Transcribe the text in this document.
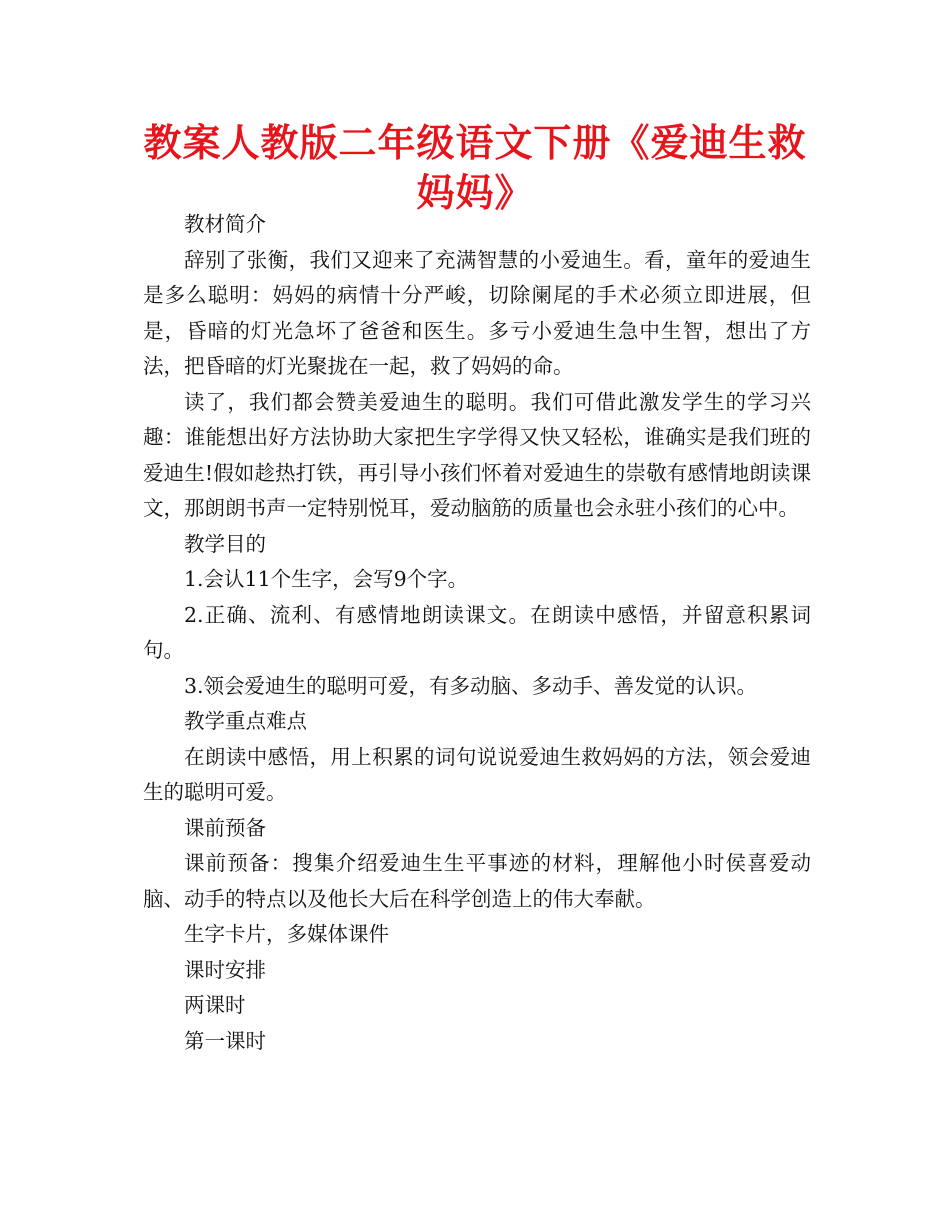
教案人教版二年级语文下册《爱迪生救妈妈》

教材简介

辞别了张衡，我们又迎来了充满智慧的小爱迪生。看，童年的爱迪生是多么聪明：妈妈的病情十分严峻，切除阑尾的手术必须立即进展，但是，昏暗的灯光急坏了爸爸和医生。多亏小爱迪生急中生智，想出了方法，把昏暗的灯光聚拢在一起，救了妈妈的命。

读了，我们都会赞美爱迪生的聪明。我们可借此激发学生的学习兴趣：谁能想出好方法协助大家把生字学得又快又轻松，谁确实是我们班的爱迪生!假如趁热打铁，再引导小孩们怀着对爱迪生的崇敬有感情地朗读课文，那朗朗书声一定特别悦耳，爱动脑筋的质量也会永驻小孩们的心中。

教学目的

1.会认11个生字，会写9个字。

2.正确、流利、有感情地朗读课文。在朗读中感悟，并留意积累词句。

3.领会爱迪生的聪明可爱，有多动脑、多动手、善发觉的认识。

教学重点难点

在朗读中感悟，用上积累的词句说说爱迪生救妈妈的方法，领会爱迪生的聪明可爱。

课前预备

课前预备：搜集介绍爱迪生生平事迹的材料，理解他小时侯喜爱动脑、动手的特点以及他长大后在科学创造上的伟大奉献。

生字卡片，多媒体课件

课时安排

两课时

第一课时
